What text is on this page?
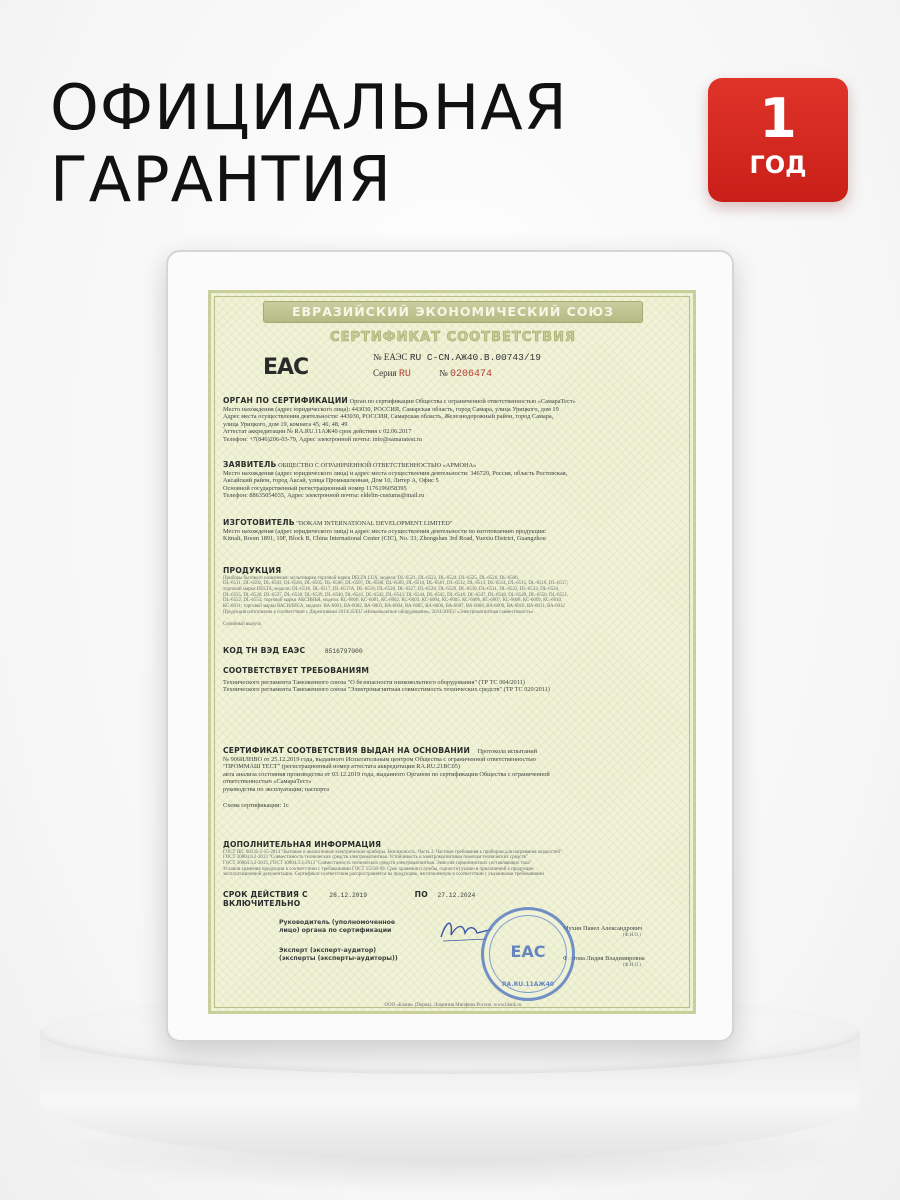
ОФИЦИАЛЬНАЯ
ГАРАНТИЯ
1
ГОД
ЕВРАЗИЙСКИЙ ЭКОНОМИЧЕСКИЙ СОЮЗ
СЕРТИФИКАТ СООТВЕТСТВИЯ
ЕАС	№ ЕАЭС RU C-CN.АЖ40.В.00743/19
Серия RU	№ 0206474
ОРГАН ПО СЕРТИФИКАЦИИ Орган по сертификации Общества с ограниченной ответственностью «СамараТест»
Место нахождения (адрес юридического лица): 443030, РОССИЯ, Самарская область, город Самара, улица Урицкого, дом 19
Адрес места осуществления деятельности: 443030, РОССИЯ, Самарская область, Железнодорожный район, город Самара,
улица Урицкого, дом 19, комната 45, 46, 48, 49
Аттестат аккредитации № RA.RU.11АЖ40 срок действия с 02.06.2017
Телефон: +7(846)206-03-79, Адрес электронной почты: info@samaratest.ru
ЗАЯВИТЕЛЬ ОБЩЕСТВО С ОГРАНИЧЕННОЙ ОТВЕТСТВЕННОСТЬЮ «АРМОНА»
Место нахождения (адрес юридического лица) и адрес места осуществления деятельности: 346720, Россия, область Ростовская,
Аксайский район, город Аксай, улица Промышленная, Дом 10, Литер А, Офис 5
Основной государственный регистрационный номер 1176196058395
Телефон: 88635054035, Адрес электронной почты: eldeltn-custums@mail.ru
ИЗГОТОВИТЕЛЬ "DOKAM INTERNATIONAL DEVELOPMENT LIMITED"
Место нахождения (адрес юридического лица) и адрес места осуществления деятельности по изготовлению продукции:
Kitnali, Room 1891, 10F, Block B, China International Center (CIC), No. 33, Zhongshan 3rd Road, Yuexiu District, Guangzhou
ПРОДУКЦИЯ
Приборы бытового назначения: мультиварки торговой марки DELTA LUX, модели: DL-6521, DL-6523, DL-6524, DL-6525, DL-6526, DL-6500,
DL-6511, DL-6502, DL-6503, DL-6504, DL-6505, DL-6506, DL-6507, DL-6508, DL-6509, DL-6510, DL-6581, DL-6512, DL-6513, DL-6514, DL-6515, DL-6516, DL-6517;
торговой марки DELTA, модели: DL-6516, DL-6517, DL-6517A, DL-6518, DL-6520, DL-6527, DL-6528, DL-6529, DL-6530, DL-6531, DL-6532, DL-6533, DL-6534,
DL-6535, DL-6536, DL-6537, DL-6538, DL-6539, DL-6540, DL-6541, DL-6542, DL-6543, DL-6544, DL-6545, DL-6546, DL-6547, DL-6548, DL-6549, DL-6550, DL-6551,
DL-6552, DL-6553; торговой марки АКСИНЬЯ, модели: КС-6000, КС-6001, КС-6002, КС-6003, КС-6004, КС-6005, КС-6006, КС-6007, КС-6008, КС-6009, КС-6010,
КС-6011; торговой марки ВАСИЛИСА, модели: ВА-6001, ВА-6002, ВА-6003, ВА-6004, ВА-6005, ВА-6006, ВА-6007, ВА-6008, ВА-6009, ВА-6010, ВА-6011, ВА-6012
Продукция изготовлена в соответствии с Директивами 2014/35/EU «Низковольтное оборудование», 2014/30/EU «Электромагнитная совместимость»
Серийный выпуск
КОД ТН ВЭД ЕАЭС	8516797000
СООТВЕТСТВУЕТ ТРЕБОВАНИЯМ
Технического регламента Таможенного союза "О безопасности низковольтного оборудования" (ТР ТС 004/2011)
Технического регламента Таможенного союза "Электромагнитная совместимость технических средств" (ТР ТС 020/2011)
СЕРТИФИКАТ СООТВЕТСТВИЯ ВЫДАН НА ОСНОВАНИИ Протокола испытаний
№ 906ИЛНВО от 25.12.2019 года, выданного Испытательным центром Общества с ограниченной ответственностью
"ПРОММАШ ТЕСТ" (регистрационный номер аттестата аккредитации RA.RU.21ВС05)
акта анализа состояния производства от 03.12.2019 года, выданного Органом по сертификации Общества с ограниченной
ответственностью «СамараТест»
руководства по эксплуатации; паспорта
Схема сертификации: 1с
ДОПОЛНИТЕЛЬНАЯ ИНФОРМАЦИЯ
ГОСТ IEC 60335-2-15-2014 "Бытовые и аналогичные электрические приборы. Безопасность. Часть 2. Частные требования к приборам для нагревания жидкостей"
ГОСТ 30804.6.2-2013 "Совместимость технических средств электромагнитная. Устойчивость к электромагнитным помехам технических средств"
ГОСТ 30804.3.2-2013, ГОСТ 30804.3.3-2013 "Совместимость технических средств электромагнитная. Эмиссия гармонических составляющих тока"
Условия хранения продукции в соответствии с требованиями ГОСТ 15150-69. Срок хранения (службы, годности) указан в прилагаемой к продукции
эксплуатационной документации. Сертификат соответствия распространяется на продукцию, изготовленную в соответствии с указанными требованиями
СРОК ДЕЙСТВИЯ С	28.12.2019	ПО 27.12.2024
ВКЛЮЧИТЕЛЬНО
Руководитель (уполномоченное лицо) органа по сертификации	Мухин Павел Александрович
(Ф.И.О.)
Эксперт (эксперт-аудитор) (эксперты (эксперты-аудиторы))	Фаттова Лидия Владимировна
(Ф.И.О.)
ЕАС
RA.RU.11АЖ40
ООО «Бланк» (Пермь). Лицензия Минфина России. www.blank.ru
